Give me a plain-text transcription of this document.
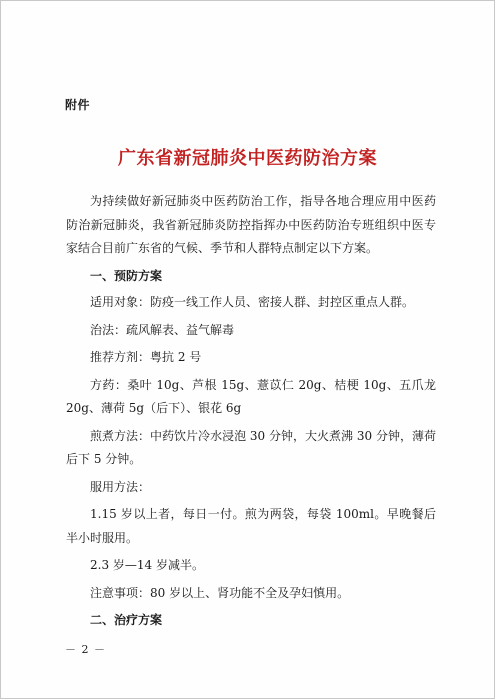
附件
广东省新冠肺炎中医药防治方案

为持续做好新冠肺炎中医药防治工作，指导各地合理应用中医药防治新冠肺炎，我省新冠肺炎防控指挥办中医药防治专班组织中医专家结合目前广东省的气候、季节和人群特点制定以下方案。

一、预防方案

适用对象：防疫一线工作人员、密接人群、封控区重点人群。

治法：疏风解表、益气解毒

推荐方剂：粤抗 2 号

方药：桑叶 10g、芦根 15g、薏苡仁 20g、桔梗 10g、五爪龙 20g、薄荷 5g（后下）、银花 6g

煎煮方法：中药饮片冷水浸泡 30 分钟，大火煮沸 30 分钟，薄荷后下 5 分钟。

服用方法：

1.15 岁以上者，每日一付。煎为两袋，每袋 100ml。早晚餐后半小时服用。

2.3 岁—14 岁减半。

注意事项：80 岁以上、肾功能不全及孕妇慎用。

二、治疗方案
－ 2 －
